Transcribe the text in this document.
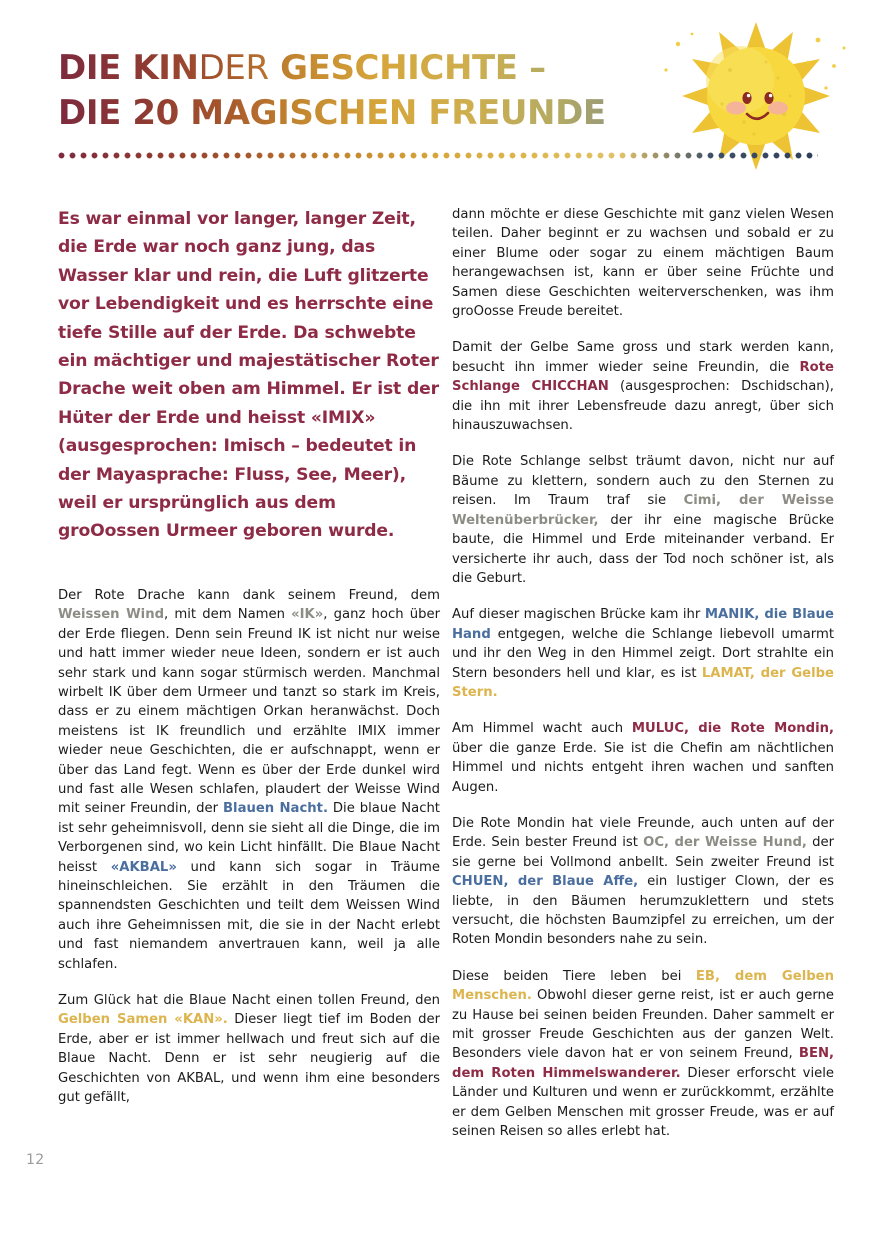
DIE KINDER GESCHICHTE –
DIE 20 MAGISCHEN FREUNDE

Es war einmal vor langer, langer Zeit, die Erde war noch ganz jung, das Wasser klar und rein, die Luft glitzerte vor Lebendigkeit und es herrschte eine tiefe Stille auf der Erde. Da schwebte ein mächtiger und majestätischer Roter Drache weit oben am Himmel. Er ist der Hüter der Erde und heisst «IMIX» (ausgesprochen: Imisch – bedeutet in der Mayasprache: Fluss, See, Meer), weil er ursprünglich aus dem groOossen Urmeer geboren wurde.

Der Rote Drache kann dank seinem Freund, dem Weissen Wind, mit dem Namen «IK», ganz hoch über der Erde fliegen. Denn sein Freund IK ist nicht nur weise und hatt immer wieder neue Ideen, sondern er ist auch sehr stark und kann sogar stürmisch werden. Manchmal wirbelt IK über dem Urmeer und tanzt so stark im Kreis, dass er zu einem mächtigen Orkan heranwächst. Doch meistens ist IK freundlich und erzählte IMIX immer wieder neue Geschichten, die er aufschnappt, wenn er über das Land fegt. Wenn es über der Erde dunkel wird und fast alle Wesen schlafen, plaudert der Weisse Wind mit seiner Freundin, der Blauen Nacht. Die blaue Nacht ist sehr geheimnisvoll, denn sie sieht all die Dinge, die im Verborgenen sind, wo kein Licht hinfällt. Die Blaue Nacht heisst «AKBAL» und kann sich sogar in Träume hineinschleichen. Sie erzählt in den Träumen die spannendsten Geschichten und teilt dem Weissen Wind auch ihre Geheimnissen mit, die sie in der Nacht erlebt und fast niemandem anvertrauen kann, weil ja alle schlafen.

Zum Glück hat die Blaue Nacht einen tollen Freund, den Gelben Samen «KAN». Dieser liegt tief im Boden der Erde, aber er ist immer hellwach und freut sich auf die Blaue Nacht. Denn er ist sehr neugierig auf die Geschichten von AKBAL, und wenn ihm eine besonders gut gefällt,

dann möchte er diese Geschichte mit ganz vielen Wesen teilen. Daher beginnt er zu wachsen und sobald er zu einer Blume oder sogar zu einem mächtigen Baum herangewachsen ist, kann er über seine Früchte und Samen diese Geschichten weiterverschenken, was ihm groOosse Freude bereitet.

Damit der Gelbe Same gross und stark werden kann, besucht ihn immer wieder seine Freundin, die Rote Schlange CHICCHAN (ausgesprochen: Dschidschan), die ihn mit ihrer Lebensfreude dazu anregt, über sich hinauszuwachsen.

Die Rote Schlange selbst träumt davon, nicht nur auf Bäume zu klettern, sondern auch zu den Sternen zu reisen. Im Traum traf sie Cimi, der Weisse Weltenüberbrücker, der ihr eine magische Brücke baute, die Himmel und Erde miteinander verband. Er versicherte ihr auch, dass der Tod noch schöner ist, als die Geburt.

Auf dieser magischen Brücke kam ihr MANIK, die Blaue Hand entgegen, welche die Schlange liebevoll umarmt und ihr den Weg in den Himmel zeigt. Dort strahlte ein Stern besonders hell und klar, es ist LAMAT, der Gelbe Stern.

Am Himmel wacht auch MULUC, die Rote Mondin, über die ganze Erde. Sie ist die Chefin am nächtlichen Himmel und nichts entgeht ihren wachen und sanften Augen.

Die Rote Mondin hat viele Freunde, auch unten auf der Erde. Sein bester Freund ist OC, der Weisse Hund, der sie gerne bei Vollmond anbellt. Sein zweiter Freund ist CHUEN, der Blaue Affe, ein lustiger Clown, der es liebte, in den Bäumen herumzuklettern und stets versucht, die höchsten Baumzipfel zu erreichen, um der Roten Mondin besonders nahe zu sein.

Diese beiden Tiere leben bei EB, dem Gelben Menschen. Obwohl dieser gerne reist, ist er auch gerne zu Hause bei seinen beiden Freunden. Daher sammelt er mit grosser Freude Geschichten aus der ganzen Welt. Besonders viele davon hat er von seinem Freund, BEN, dem Roten Himmelswanderer. Dieser erforscht viele Länder und Kulturen und wenn er zurückkommt, erzählte er dem Gelben Menschen mit grosser Freude, was er auf seinen Reisen so alles erlebt hat.

12
